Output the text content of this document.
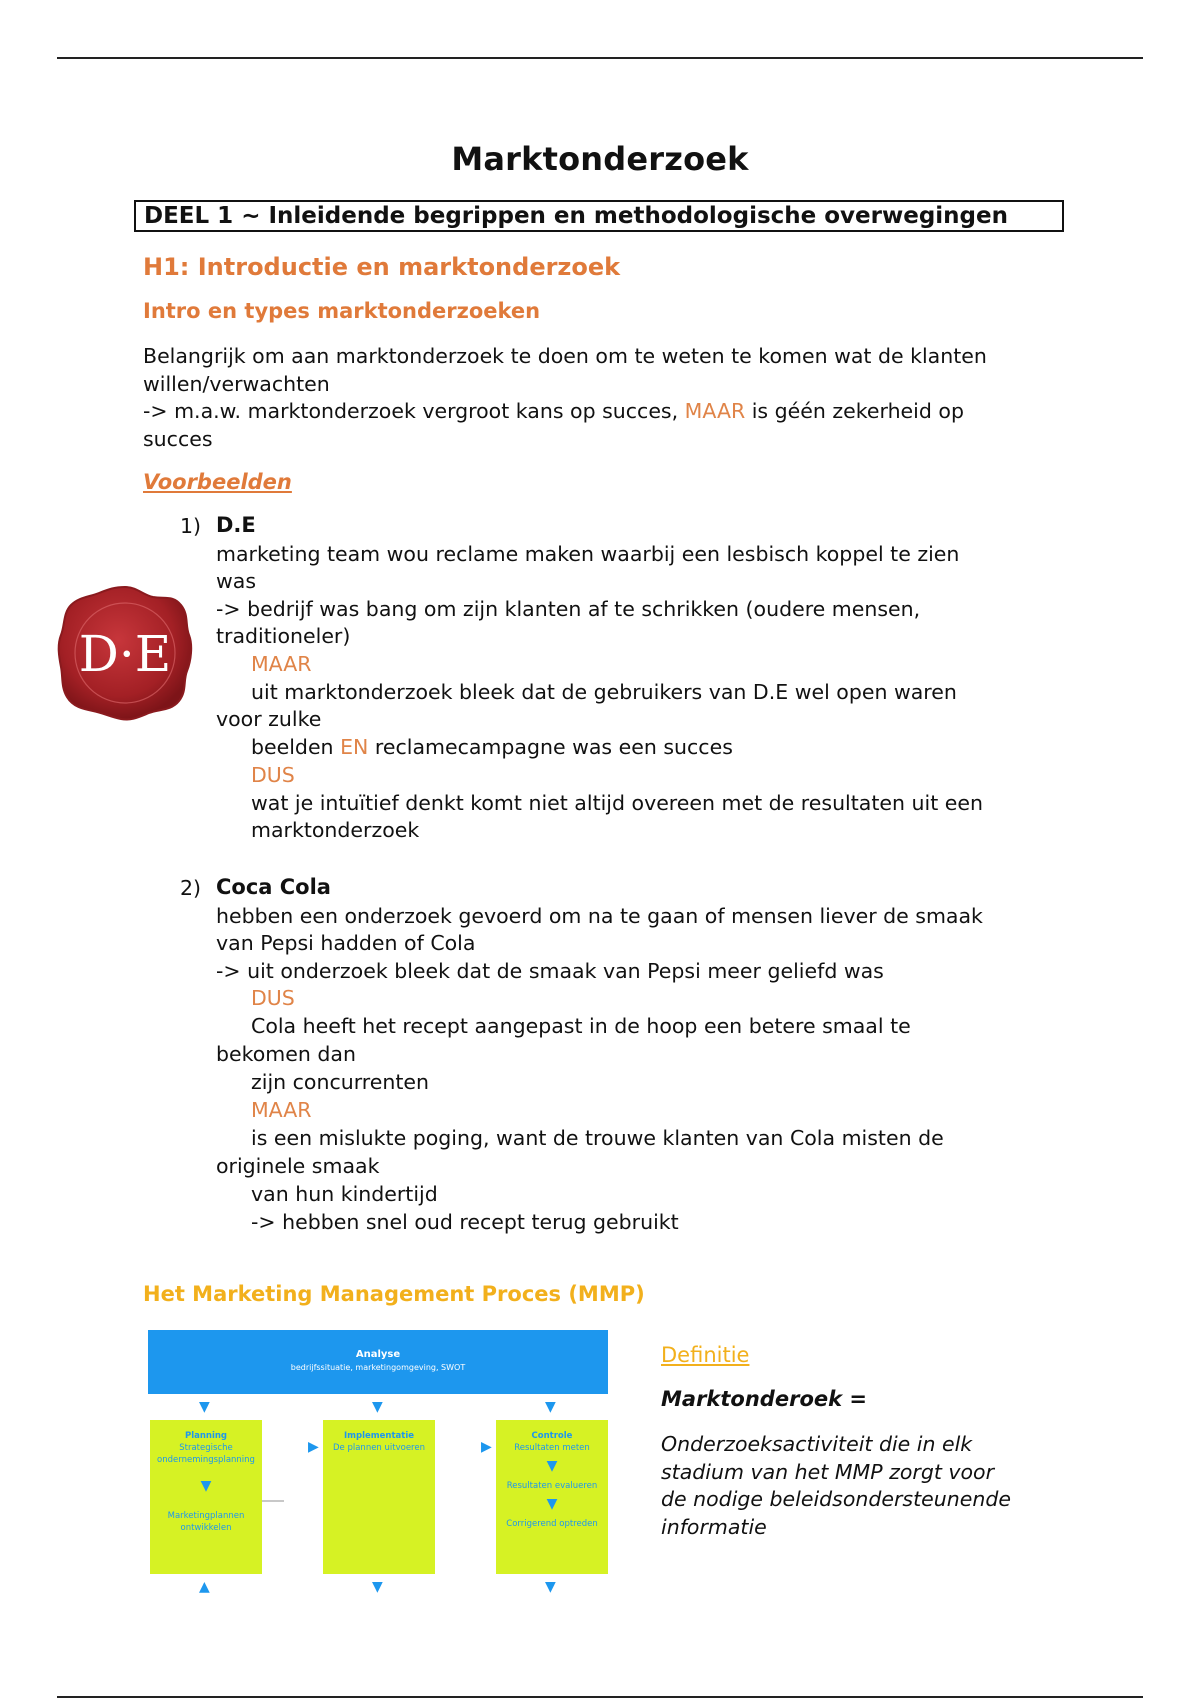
Marktonderzoek
DEEL 1 ~ Inleidende begrippen en methodologische overwegingen
H1: Introductie en marktonderzoek
Intro en types marktonderzoeken
Belangrijk om aan marktonderzoek te doen om te weten te komen wat de klanten
willen/verwachten
-> m.a.w. marktonderzoek vergroot kans op succes, MAAR is géén zekerheid op
succes
Voorbeelden
1) D.E
D·E
marketing team wou reclame maken waarbij een lesbisch koppel te zien
was
-> bedrijf was bang om zijn klanten af te schrikken (oudere mensen,
traditioneler)
MAAR
uit marktonderzoek bleek dat de gebruikers van D.E wel open waren
voor zulke
beelden EN reclamecampagne was een succes
DUS
wat je intuïtief denkt komt niet altijd overeen met de resultaten uit een
marktonderzoek
2) Coca Cola
hebben een onderzoek gevoerd om na te gaan of mensen liever de smaak
van Pepsi hadden of Cola
-> uit onderzoek bleek dat de smaak van Pepsi meer geliefd was
DUS
Cola heeft het recept aangepast in de hoop een betere smaal te
bekomen dan
zijn concurrenten
MAAR
is een mislukte poging, want de trouwe klanten van Cola misten de
originele smaak
van hun kindertijd
-> hebben snel oud recept terug gebruikt
Het Marketing Management Proces (MMP)
Analyse
bedrijfssituatie, marketingomgeving, SWOT
▼	▼	▼
Planning
Strategische ondernemingsplanning
▼
Marketingplannen ontwikkelen
▶
Implementatie
De plannen uitvoeren	▶
Controle
Resultaten meten
▼
Resultaten evalueren
▼
Corrigerend optreden
▲	▼	▼
Definitie
Marktonderoek =
Onderzoeksactiviteit die in elk
stadium van het MMP zorgt voor
de nodige beleidsondersteunende
informatie
